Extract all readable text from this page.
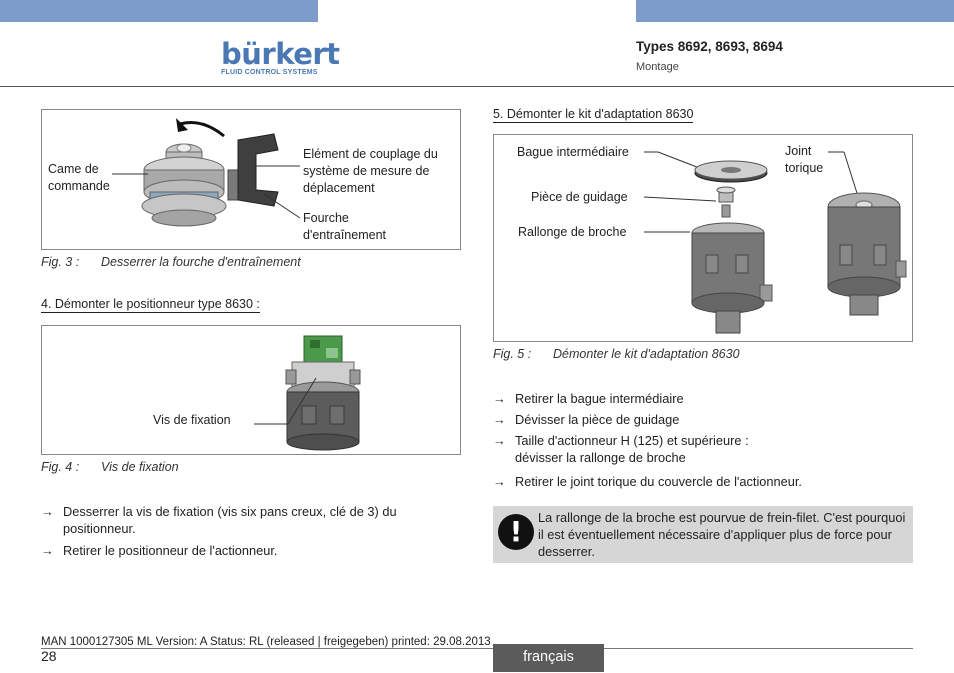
bürkert
FLUID CONTROL SYSTEMS
Types 8692, 8693, 8694
Montage
Came de commande
Elément de couplage du système de mesure de déplacement
Fourche d'entraînement
Fig. 3 : Desserrer la fourche d'entraînement
4. Démonter le positionneur type 8630 :
Vis de fixation
Fig. 4 : Vis de fixation
→ Desserrer la vis de fixation (vis six pans creux, clé de 3) du positionneur.
→ Retirer le positionneur de l'actionneur.
5. Démonter le kit d'adaptation 8630
Bague intermédiaire
Pièce de guidage
Rallonge de broche
Joint torique
Fig. 5 : Démonter le kit d'adaptation 8630
→ Retirer la bague intermédiaire
→ Dévisser la pièce de guidage
→ Taille d'actionneur H (125) et supérieure : dévisser la rallonge de broche
→ Retirer le joint torique du couvercle de l'actionneur.
!	La rallonge de la broche est pourvue de frein-filet. C'est pourquoi il est éventuellement nécessaire d'appliquer plus de force pour desserrer.
MAN 1000127305 ML Version: A Status: RL (released | freigegeben) printed: 29.08.2013
28	français
